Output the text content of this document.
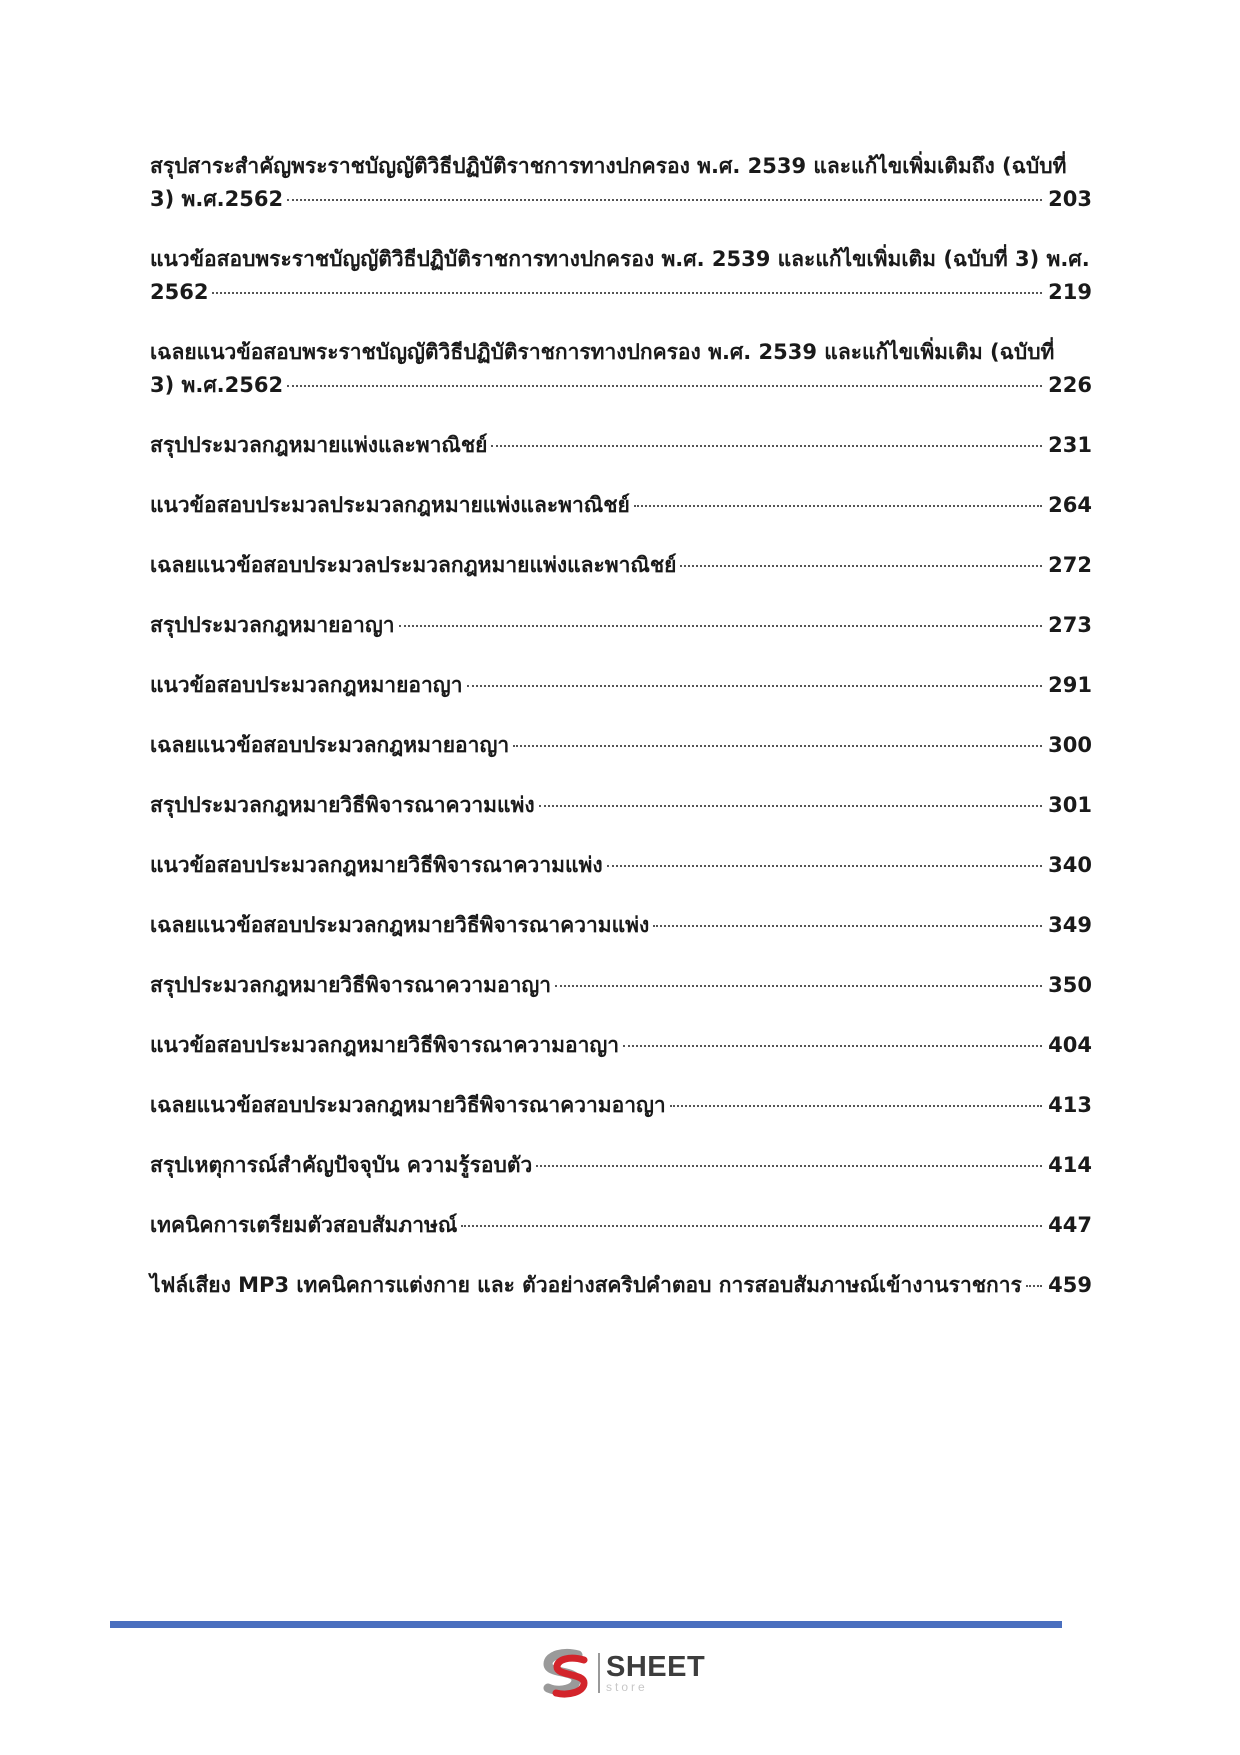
สรุปสาระสำคัญพระราชบัญญัติวิธีปฏิบัติราชการทางปกครอง พ.ศ. 2539 และแก้ไขเพิ่มเติมถึง (ฉบับที่
3) พ.ศ.2562	203
แนวข้อสอบพระราชบัญญัติวิธีปฏิบัติราชการทางปกครอง พ.ศ. 2539 และแก้ไขเพิ่มเติม (ฉบับที่ 3) พ.ศ.
2562	219
เฉลยแนวข้อสอบพระราชบัญญัติวิธีปฏิบัติราชการทางปกครอง พ.ศ. 2539 และแก้ไขเพิ่มเติม (ฉบับที่
3) พ.ศ.2562	226
สรุปประมวลกฎหมายแพ่งและพาณิชย์	231
แนวข้อสอบประมวลประมวลกฎหมายแพ่งและพาณิชย์	264
เฉลยแนวข้อสอบประมวลประมวลกฎหมายแพ่งและพาณิชย์	272
สรุปประมวลกฎหมายอาญา	273
แนวข้อสอบประมวลกฎหมายอาญา	291
เฉลยแนวข้อสอบประมวลกฎหมายอาญา	300
สรุปประมวลกฎหมายวิธีพิจารณาความแพ่ง	301
แนวข้อสอบประมวลกฎหมายวิธีพิจารณาความแพ่ง	340
เฉลยแนวข้อสอบประมวลกฎหมายวิธีพิจารณาความแพ่ง	349
สรุปประมวลกฎหมายวิธีพิจารณาความอาญา	350
แนวข้อสอบประมวลกฎหมายวิธีพิจารณาความอาญา	404
เฉลยแนวข้อสอบประมวลกฎหมายวิธีพิจารณาความอาญา	413
สรุปเหตุการณ์สำคัญปัจจุบัน ความรู้รอบตัว	414
เทคนิคการเตรียมตัวสอบสัมภาษณ์	447
ไฟล์เสียง MP3 เทคนิคการแต่งกาย และ ตัวอย่างสคริปคำตอบ การสอบสัมภาษณ์เข้างานราชการ 459
SHEET
store
